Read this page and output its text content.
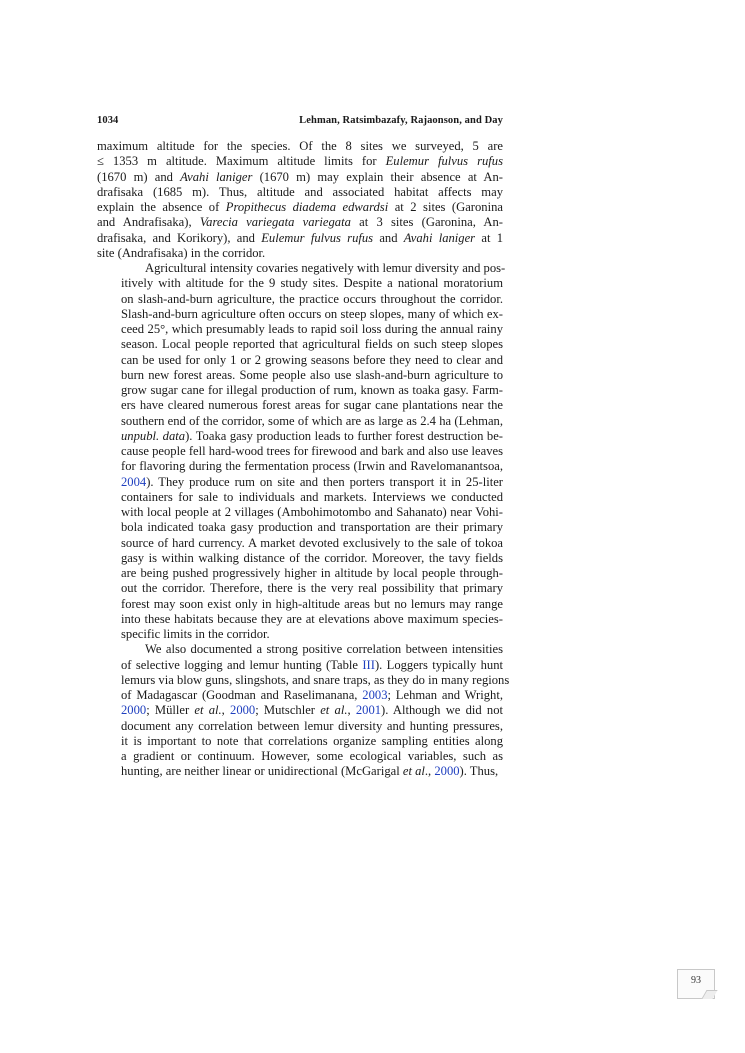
1034	Lehman, Ratsimbazafy, Rajaonson, and Day

maximum altitude for the species. Of the 8 sites we surveyed, 5 are
≤ 1353 m altitude. Maximum altitude limits for Eulemur fulvus rufus
(1670 m) and Avahi laniger (1670 m) may explain their absence at An-
drafisaka (1685 m). Thus, altitude and associated habitat affects may
explain the absence of Propithecus diadema edwardsi at 2 sites (Garonina
and Andrafisaka), Varecia variegata variegata at 3 sites (Garonina, An-
drafisaka, and Korikory), and Eulemur fulvus rufus and Avahi laniger at 1
site (Andrafisaka) in the corridor.

Agricultural intensity covaries negatively with lemur diversity and pos-
itively with altitude for the 9 study sites. Despite a national moratorium
on slash-and-burn agriculture, the practice occurs throughout the corridor.
Slash-and-burn agriculture often occurs on steep slopes, many of which ex-
ceed 25°, which presumably leads to rapid soil loss during the annual rainy
season. Local people reported that agricultural fields on such steep slopes
can be used for only 1 or 2 growing seasons before they need to clear and
burn new forest areas. Some people also use slash-and-burn agriculture to
grow sugar cane for illegal production of rum, known as toaka gasy. Farm-
ers have cleared numerous forest areas for sugar cane plantations near the
southern end of the corridor, some of which are as large as 2.4 ha (Lehman,
unpubl. data). Toaka gasy production leads to further forest destruction be-
cause people fell hard-wood trees for firewood and bark and also use leaves
for flavoring during the fermentation process (Irwin and Ravelomanantsoa,
2004). They produce rum on site and then porters transport it in 25-liter
containers for sale to individuals and markets. Interviews we conducted
with local people at 2 villages (Ambohimotombo and Sahanato) near Vohi-
bola indicated toaka gasy production and transportation are their primary
source of hard currency. A market devoted exclusively to the sale of tokoa
gasy is within walking distance of the corridor. Moreover, the tavy fields
are being pushed progressively higher in altitude by local people through-
out the corridor. Therefore, there is the very real possibility that primary
forest may soon exist only in high-altitude areas but no lemurs may range
into these habitats because they are at elevations above maximum species-
specific limits in the corridor.

We also documented a strong positive correlation between intensities
of selective logging and lemur hunting (Table III). Loggers typically hunt
lemurs via blow guns, slingshots, and snare traps, as they do in many regions
of Madagascar (Goodman and Raselimanana, 2003; Lehman and Wright,
2000; Müller et al., 2000; Mutschler et al., 2001). Although we did not
document any correlation between lemur diversity and hunting pressures,
it is important to note that correlations organize sampling entities along
a gradient or continuum. However, some ecological variables, such as
hunting, are neither linear or unidirectional (McGarigal et al., 2000). Thus,

93
